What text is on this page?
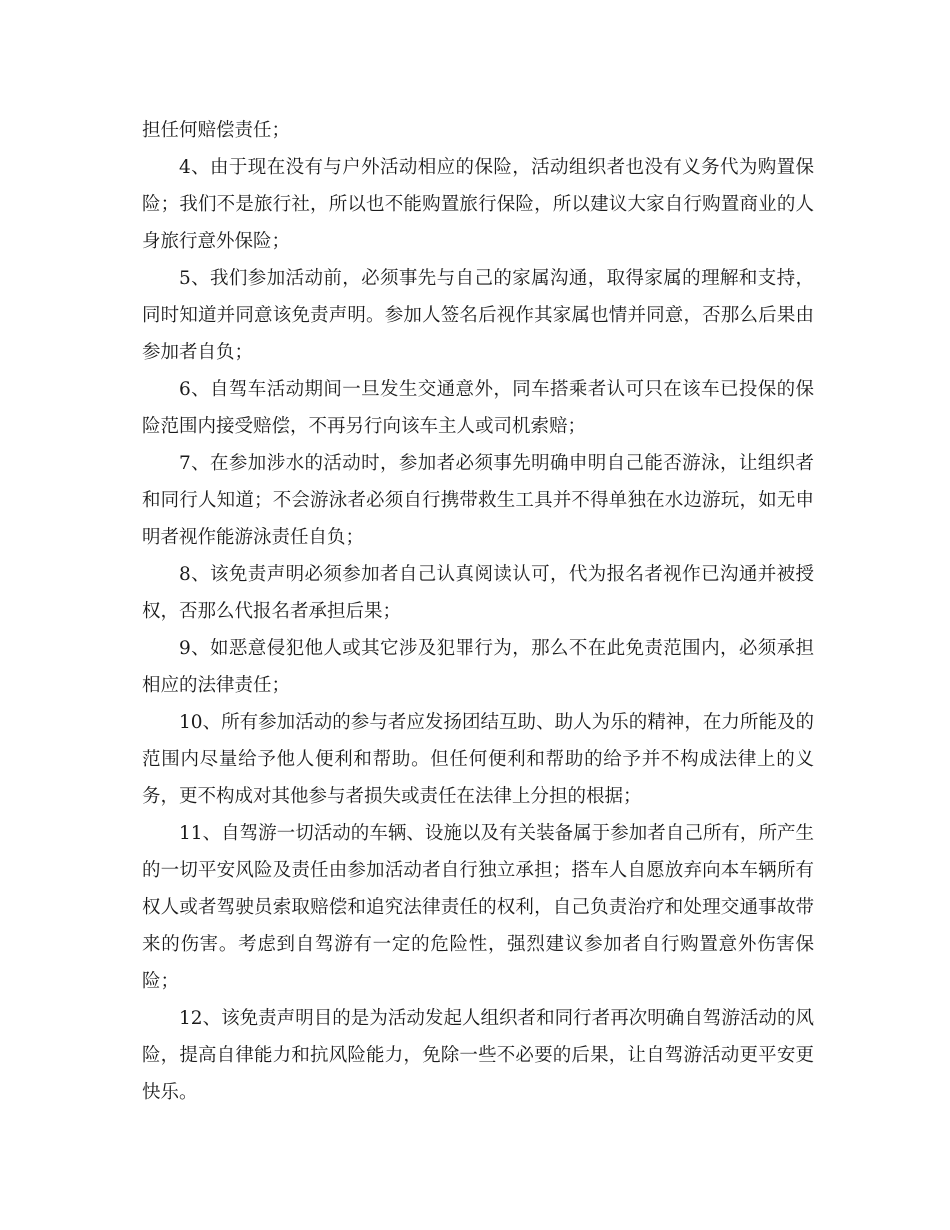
担任何赔偿责任；

4、由于现在没有与户外活动相应的保险，活动组织者也没有义务代为购置保险；我们不是旅行社，所以也不能购置旅行保险，所以建议大家自行购置商业的人身旅行意外保险；

5、我们参加活动前，必须事先与自己的家属沟通，取得家属的理解和支持，同时知道并同意该免责声明。参加人签名后视作其家属也情并同意，否那么后果由参加者自负；

6、自驾车活动期间一旦发生交通意外，同车搭乘者认可只在该车已投保的保险范围内接受赔偿，不再另行向该车主人或司机索赔；

7、在参加涉水的活动时，参加者必须事先明确申明自己能否游泳，让组织者和同行人知道；不会游泳者必须自行携带救生工具并不得单独在水边游玩，如无申明者视作能游泳责任自负；

8、该免责声明必须参加者自己认真阅读认可，代为报名者视作已沟通并被授权，否那么代报名者承担后果；

9、如恶意侵犯他人或其它涉及犯罪行为，那么不在此免责范围内，必须承担相应的法律责任；

10、所有参加活动的参与者应发扬团结互助、助人为乐的精神，在力所能及的范围内尽量给予他人便利和帮助。但任何便利和帮助的给予并不构成法律上的义务，更不构成对其他参与者损失或责任在法律上分担的根据；

11、自驾游一切活动的车辆、设施以及有关装备属于参加者自己所有，所产生的一切平安风险及责任由参加活动者自行独立承担；搭车人自愿放弃向本车辆所有权人或者驾驶员索取赔偿和追究法律责任的权利，自己负责治疗和处理交通事故带来的伤害。考虑到自驾游有一定的危险性，强烈建议参加者自行购置意外伤害保险；

12、该免责声明目的是为活动发起人组织者和同行者再次明确自驾游活动的风险，提高自律能力和抗风险能力，免除一些不必要的后果，让自驾游活动更平安更快乐。
